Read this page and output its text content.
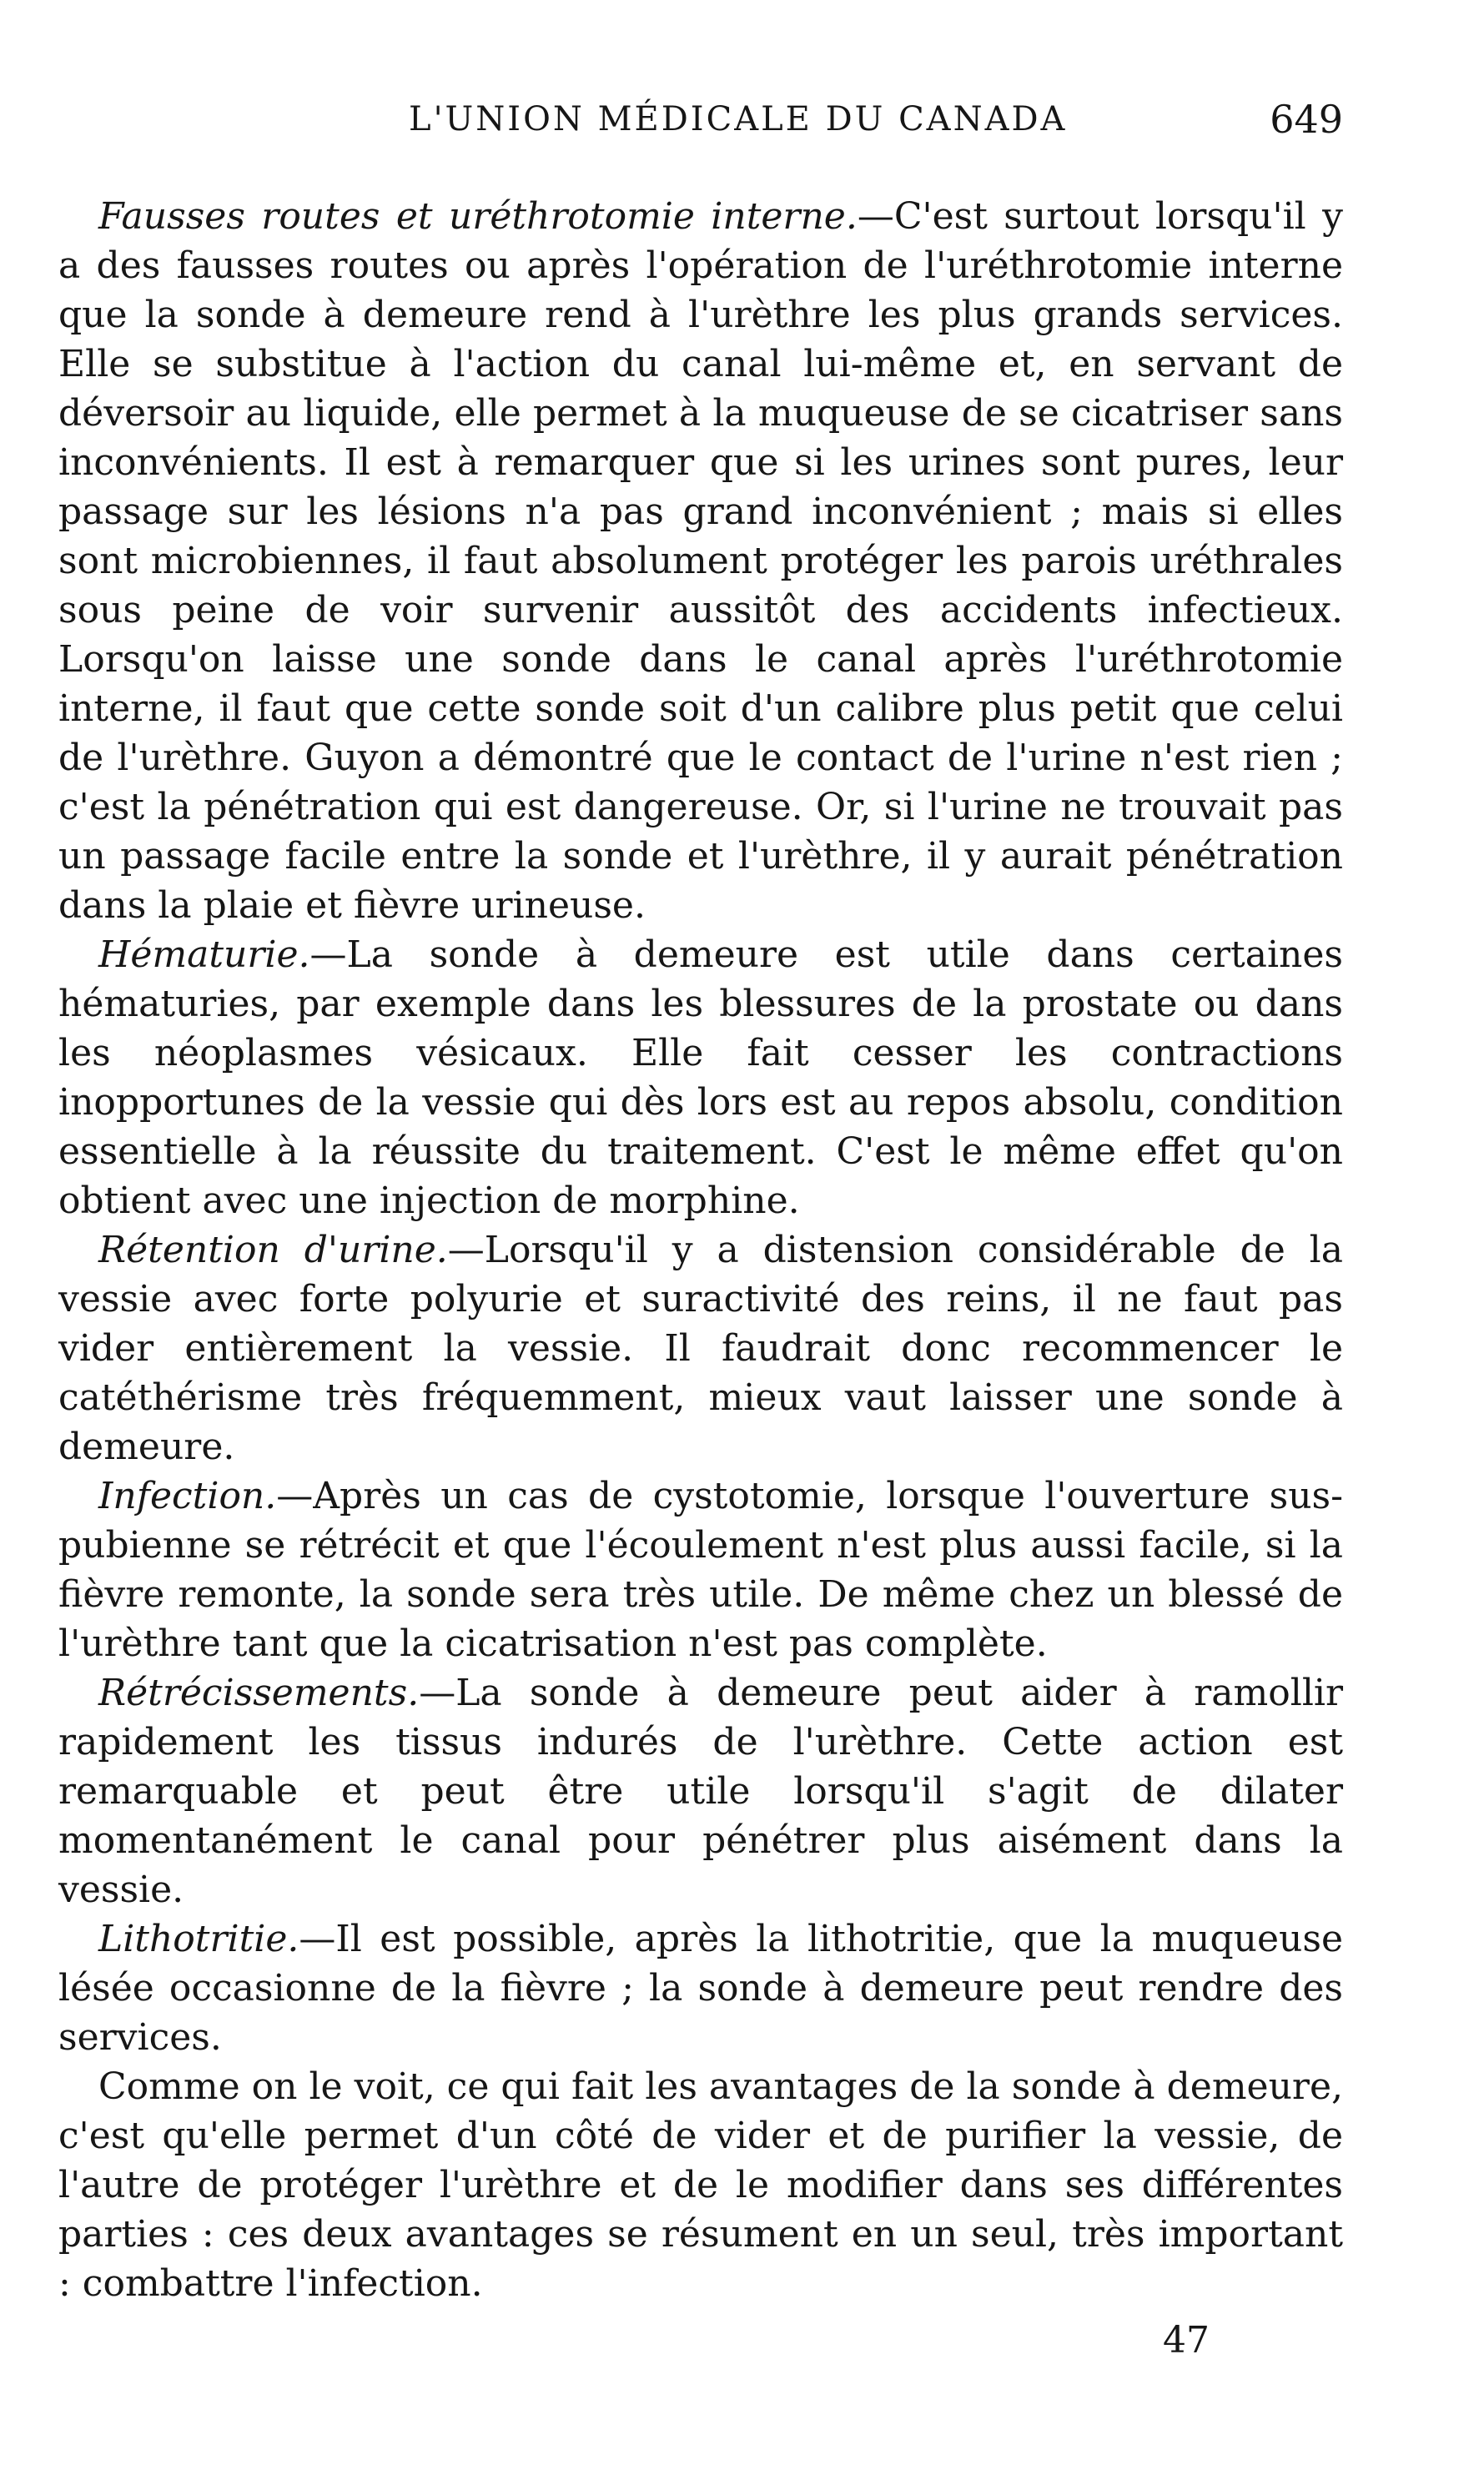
L'UNION MÉDICALE DU CANADA	649

Fausses routes et uréthrotomie interne.—C'est surtout lorsqu'il y a des fausses routes ou après l'opération de l'uréthrotomie interne que la sonde à demeure rend à l'urèthre les plus grands services. Elle se substitue à l'action du canal lui-même et, en servant de déversoir au liquide, elle permet à la muqueuse de se cicatriser sans inconvénients. Il est à remarquer que si les urines sont pures, leur passage sur les lésions n'a pas grand inconvénient ; mais si elles sont microbiennes, il faut absolument protéger les parois uréthrales sous peine de voir survenir aussitôt des accidents infectieux. Lorsqu'on laisse une sonde dans le canal après l'uréthrotomie interne, il faut que cette sonde soit d'un calibre plus petit que celui de l'urèthre. Guyon a démontré que le contact de l'urine n'est rien ; c'est la pénétration qui est dangereuse. Or, si l'urine ne trouvait pas un passage facile entre la sonde et l'urèthre, il y aurait pénétration dans la plaie et fièvre urineuse.

Hématurie.—La sonde à demeure est utile dans certaines hématuries, par exemple dans les blessures de la prostate ou dans les néoplasmes vésicaux. Elle fait cesser les contractions inopportunes de la vessie qui dès lors est au repos absolu, condition essentielle à la réussite du traitement. C'est le même effet qu'on obtient avec une injection de morphine.

Rétention d'urine.—Lorsqu'il y a distension considérable de la vessie avec forte polyurie et suractivité des reins, il ne faut pas vider entièrement la vessie. Il faudrait donc recommencer le catéthérisme très fréquemment, mieux vaut laisser une sonde à demeure.

Infection.—Après un cas de cystotomie, lorsque l'ouverture sus-pubienne se rétrécit et que l'écoulement n'est plus aussi facile, si la fièvre remonte, la sonde sera très utile. De même chez un blessé de l'urèthre tant que la cicatrisation n'est pas complète.

Rétrécissements.—La sonde à demeure peut aider à ramollir rapidement les tissus indurés de l'urèthre. Cette action est remarquable et peut être utile lorsqu'il s'agit de dilater momentanément le canal pour pénétrer plus aisément dans la vessie.

Lithotritie.—Il est possible, après la lithotritie, que la muqueuse lésée occasionne de la fièvre ; la sonde à demeure peut rendre des services.

Comme on le voit, ce qui fait les avantages de la sonde à demeure, c'est qu'elle permet d'un côté de vider et de purifier la vessie, de l'autre de protéger l'urèthre et de le modifier dans ses différentes parties : ces deux avantages se résument en un seul, très important : combattre l'infection.

47
